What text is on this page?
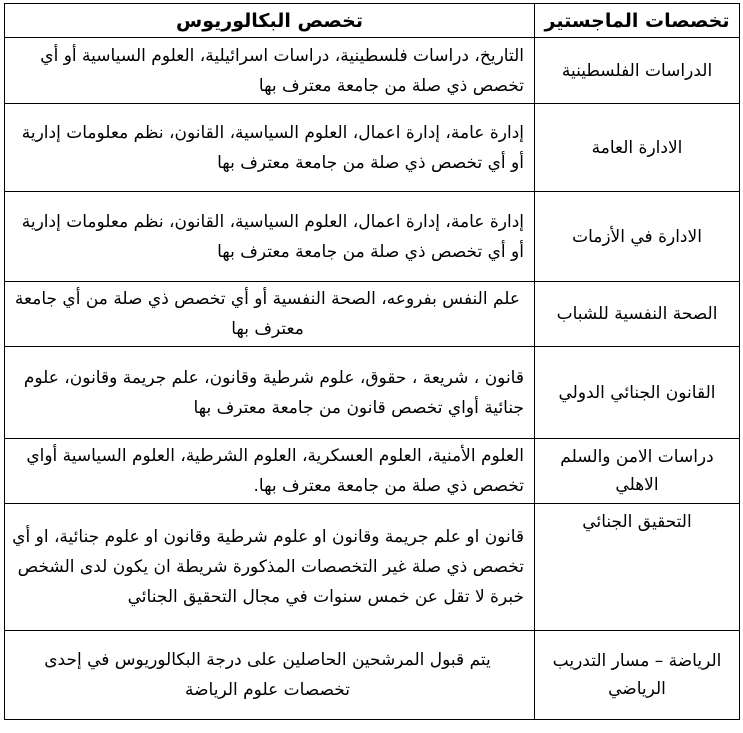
تخصصات الماجستير	تخصص البكالوريوس
الدراسات الفلسطينية	التاريخ، دراسات فلسطينية، دراسات اسرائيلية، العلوم السياسية أو أي تخصص ذي صلة من جامعة معترف بها
الادارة العامة	إدارة عامة، إدارة اعمال، العلوم السياسية، القانون، نظم معلومات إدارية أو أي تخصص ذي صلة من جامعة معترف بها
الادارة في الأزمات	إدارة عامة، إدارة اعمال، العلوم السياسية، القانون، نظم معلومات إدارية أو أي تخصص ذي صلة من جامعة معترف بها
الصحة النفسية للشباب	علم النفس بفروعه، الصحة النفسية أو أي تخصص ذي صلة من أي جامعة معترف بها
القانون الجنائي الدولي	قانون ، شريعة ، حقوق، علوم شرطية وقانون، علم جريمة وقانون، علوم جنائية أواي تخصص قانون من جامعة معترف بها
دراسات الامن والسلم الاهلي	العلوم الأمنية، العلوم العسكرية، العلوم الشرطية، العلوم السياسية أواي تخصص ذي صلة من جامعة معترف بها.
التحقيق الجنائي	قانون او علم جريمة وقانون او علوم شرطية وقانون او علوم جنائية، او أي تخصص ذي صلة غير التخصصات المذكورة شريطة ان يكون لدى الشخص خبرة لا تقل عن خمس سنوات في مجال التحقيق الجنائي
الرياضة – مسار التدريب الرياضي	يتم قبول المرشحين الحاصلين على درجة البكالوريوس في إحدى تخصصات علوم الرياضة
